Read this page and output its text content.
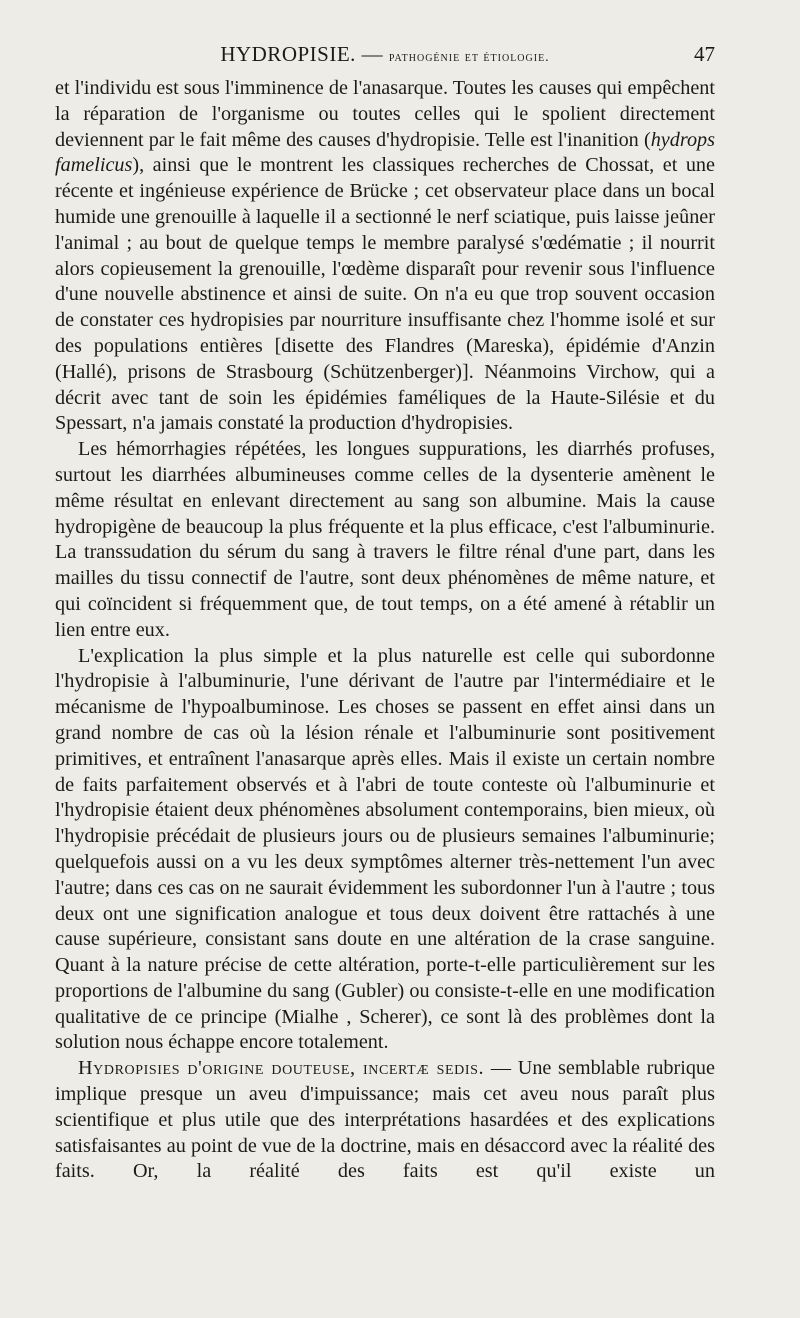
HYDROPISIE. — pathogénie et étiologie.	47

et l'individu est sous l'imminence de l'anasarque. Toutes les causes qui empêchent la réparation de l'organisme ou toutes celles qui le spolient directement deviennent par le fait même des causes d'hydropisie. Telle est l'inanition (hydrops famelicus), ainsi que le montrent les classiques recherches de Chossat, et une récente et ingénieuse expérience de Brücke ; cet observateur place dans un bocal humide une grenouille à laquelle il a sectionné le nerf sciatique, puis laisse jeûner l'animal ; au bout de quelque temps le membre paralysé s'œdématie ; il nourrit alors copieusement la grenouille, l'œdème disparaît pour revenir sous l'influence d'une nouvelle abstinence et ainsi de suite. On n'a eu que trop souvent occasion de constater ces hydropisies par nourriture insuffisante chez l'homme isolé et sur des populations entières [disette des Flandres (Mareska), épidémie d'Anzin (Hallé), prisons de Strasbourg (Schützenberger)]. Néanmoins Virchow, qui a décrit avec tant de soin les épidémies faméliques de la Haute-Silésie et du Spessart, n'a jamais constaté la production d'hydropisies.

Les hémorrhagies répétées, les longues suppurations, les diarrhés profuses, surtout les diarrhées albumineuses comme celles de la dysenterie amènent le même résultat en enlevant directement au sang son albumine. Mais la cause hydropigène de beaucoup la plus fréquente et la plus efficace, c'est l'albuminurie. La transsudation du sérum du sang à travers le filtre rénal d'une part, dans les mailles du tissu connectif de l'autre, sont deux phénomènes de même nature, et qui coïncident si fréquemment que, de tout temps, on a été amené à rétablir un lien entre eux.

L'explication la plus simple et la plus naturelle est celle qui subordonne l'hydropisie à l'albuminurie, l'une dérivant de l'autre par l'intermédiaire et le mécanisme de l'hypoalbuminose. Les choses se passent en effet ainsi dans un grand nombre de cas où la lésion rénale et l'albuminurie sont positivement primitives, et entraînent l'anasarque après elles. Mais il existe un certain nombre de faits parfaitement observés et à l'abri de toute conteste où l'albuminurie et l'hydropisie étaient deux phénomènes absolument contemporains, bien mieux, où l'hydropisie précédait de plusieurs jours ou de plusieurs semaines l'albuminurie; quelquefois aussi on a vu les deux symptômes alterner très-nettement l'un avec l'autre; dans ces cas on ne saurait évidemment les subordonner l'un à l'autre ; tous deux ont une signification analogue et tous deux doivent être rattachés à une cause supérieure, consistant sans doute en une altération de la crase sanguine. Quant à la nature précise de cette altération, porte-t-elle particulièrement sur les proportions de l'albumine du sang (Gubler) ou consiste-t-elle en une modification qualitative de ce principe (Mialhe , Scherer), ce sont là des problèmes dont la solution nous échappe encore totalement.

Hydropisies d'origine douteuse, incertæ sedis. — Une semblable rubrique implique presque un aveu d'impuissance; mais cet aveu nous paraît plus scientifique et plus utile que des interprétations hasardées et des explications satisfaisantes au point de vue de la doctrine, mais en désaccord avec la réalité des faits. Or, la réalité des faits est qu'il existe un
